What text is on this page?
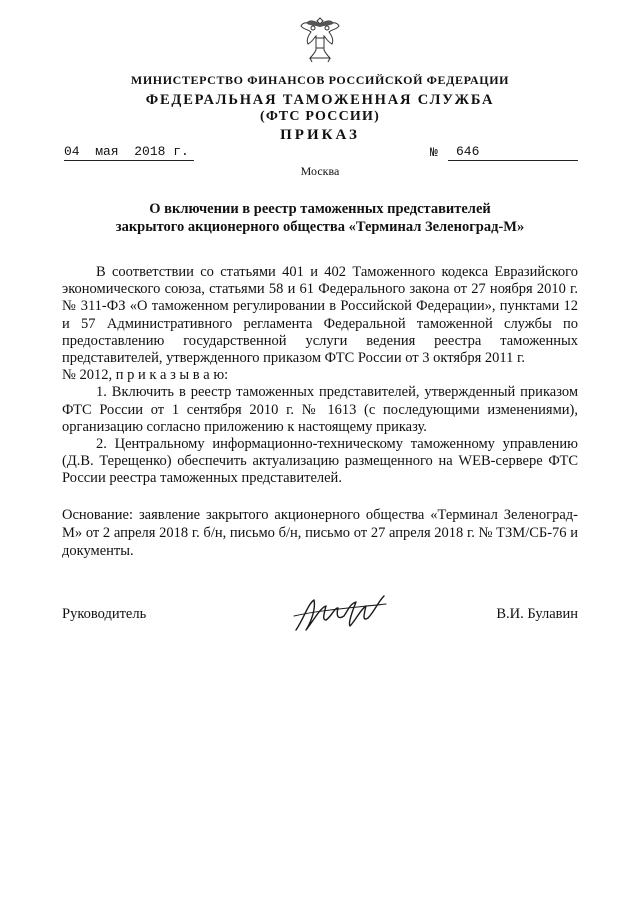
МИНИСТЕРСТВО ФИНАНСОВ РОССИЙСКОЙ ФЕДЕРАЦИИ
ФЕДЕРАЛЬНАЯ ТАМОЖЕННАЯ СЛУЖБА
(ФТС РОССИИ)
ПРИКАЗ
04  мая  2018 г.	№	646
Москва
О включении в реестр таможенных представителей
закрытого акционерного общества «Терминал Зеленоград-М»

В соответствии со статьями 401 и 402 Таможенного кодекса Евразийского экономического союза, статьями 58 и 61 Федерального закона от 27 ноября 2010 г. № 311-ФЗ «О таможенном регулировании в Российской Федерации», пунктами 12 и 57 Административного регламента Федеральной таможенной службы по предоставлению государственной услуги ведения реестра таможенных представителей, утвержденного приказом ФТС России от 3 октября 2011 г.

№ 2012, п р и к а з ы в а ю:

1. Включить в реестр таможенных представителей, утвержденный приказом ФТС России от 1 сентября 2010 г. № 1613 (с последующими изменениями), организацию согласно приложению к настоящему приказу.

2. Центральному информационно-техническому таможенному управлению (Д.В. Терещенко) обеспечить актуализацию размещенного на WEB-сервере ФТС России реестра таможенных представителей.

Основание: заявление закрытого акционерного общества «Терминал Зеленоград-М» от 2 апреля 2018 г. б/н, письмо б/н, письмо от 27 апреля 2018 г. № ТЗМ/СБ-76 и документы.

Руководитель	В.И. Булавин
